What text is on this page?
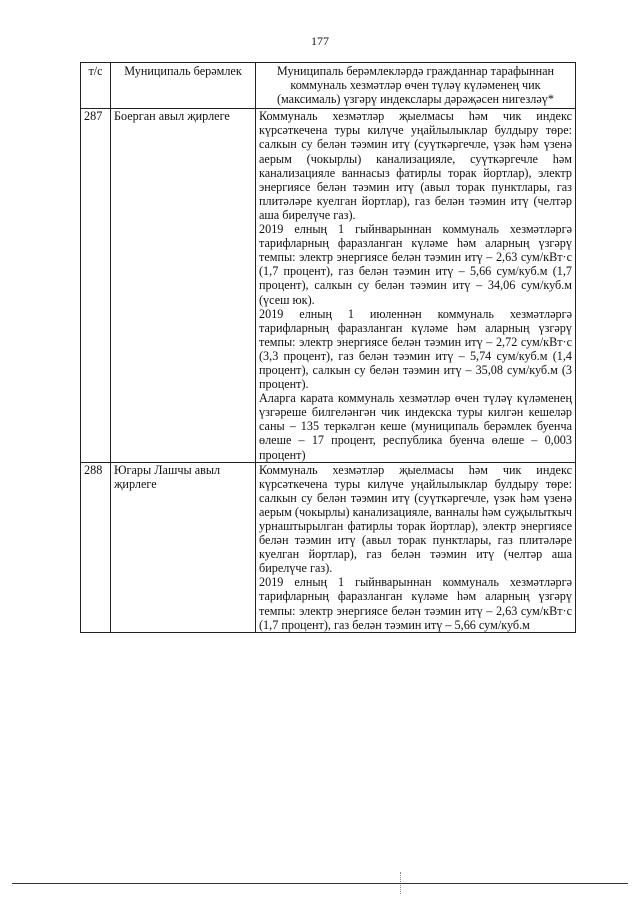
177
т/с	Муниципаль берәмлек	Муниципаль берәмлекләрдә гражданнар тарафыннан коммуналь хезмәтләр өчен түләү күләменең чик (максималь) үзгәрү индекслары дәрәҗәсен нигезләү*
287	Боерган авыл җирлеге	Коммуналь хезмәтләр җыелмасы һәм чик индекс күрсәткечена туры килүче уңайлылыклар булдыру төре: салкын су белән тәэмин итү (суүткәргечле, үзәк һәм үзенә аерым (чокырлы) канализацияле, суүткәргечле һәм канализацияле ваннасыз фатирлы торак йортлар), электр энергиясе белән тәэмин итү (авыл торак пунктлары, газ плитәләре куелган йортлар), газ белән тәэмин итү (челтәр аша бирелүче газ).

2019 елның 1 гыйнварыннан коммуналь хезмәтләргә тарифларның фаразланган күләме һәм аларның үзгәрү темпы: электр энергиясе белән тәэмин итү – 2,63 сум/кВт·с (1,7 процент), газ белән тәэмин итү – 5,66 сум/куб.м (1,7 процент), салкын су белән тәэмин итү – 34,06 сум/куб.м (үсеш юк).

2019 елның 1 июленнән коммуналь хезмәтләргә тарифларның фаразланган күләме һәм аларның үзгәрү темпы: электр энергиясе белән тәэмин итү – 2,72 сум/кВт·с (3,3 процент), газ белән тәэмин итү – 5,74 сум/куб.м (1,4 процент), салкын су белән тәэмин итү – 35,08 сум/куб.м (3 процент).

Аларга карата коммуналь хезмәтләр өчен түләү күләменең үзгәреше билгеләнгән чик индекска туры килгән кешеләр саны – 135 теркәлгән кеше (муниципаль берәмлек буенча өлеше – 17 процент, республика буенча өлеше – 0,003 процент)

288	Югары Лашчы авыл җирлеге	Коммуналь хезмәтләр җыелмасы һәм чик индекс күрсәткечена туры килүче уңайлылыклар булдыру төре: салкын су белән тәэмин итү (суүткәргечле, үзәк һәм үзенә аерым (чокырлы) канализацияле, ванналы һәм суҗылыткыч урнаштырылган фатирлы торак йортлар), электр энергиясе белән тәэмин итү (авыл торак пунктлары, газ плитәләре куелган йортлар), газ белән тәэмин итү (челтәр аша бирелүче газ).

2019 елның 1 гыйнварыннан коммуналь хезмәтләргә тарифларның фаразланган күләме һәм аларның үзгәрү темпы: электр энергиясе белән тәэмин итү – 2,63 сум/кВт·с (1,7 процент), газ белән тәэмин итү – 5,66 сум/куб.м
